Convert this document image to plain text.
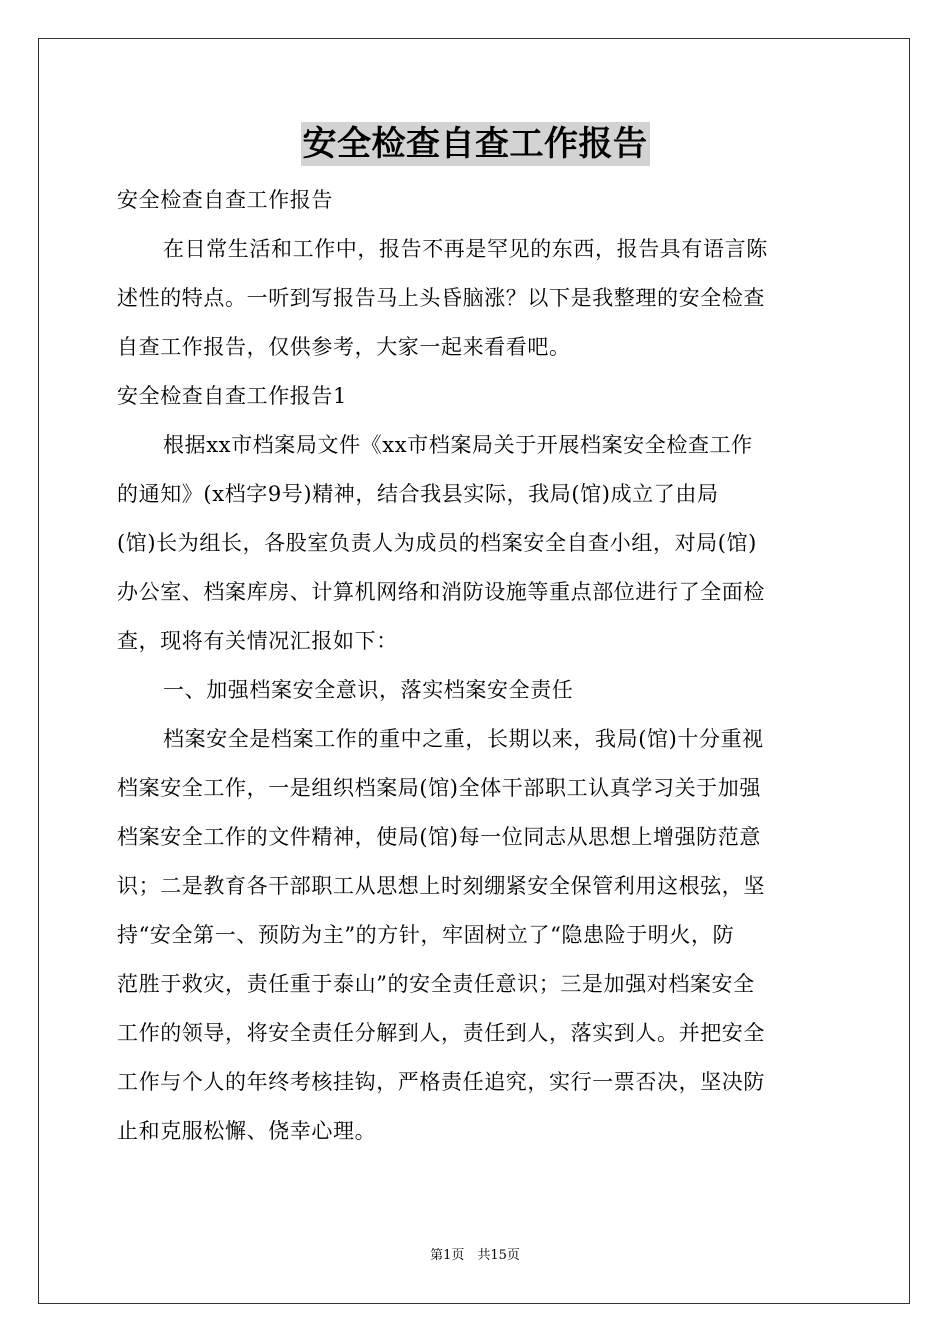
安全检查自查工作报告
安全检查自查工作报告
在日常生活和工作中，报告不再是罕见的东西，报告具有语言陈
述性的特点。一听到写报告马上头昏脑涨？以下是我整理的安全检查
自查工作报告，仅供参考，大家一起来看看吧。
安全检查自查工作报告1
根据xx市档案局文件《xx市档案局关于开展档案安全检查工作
的通知》(x档字9号)精神，结合我县实际，我局(馆)成立了由局
(馆)长为组长，各股室负责人为成员的档案安全自查小组，对局(馆)
办公室、档案库房、计算机网络和消防设施等重点部位进行了全面检
查，现将有关情况汇报如下：
一、加强档案安全意识，落实档案安全责任
档案安全是档案工作的重中之重，长期以来，我局(馆)十分重视
档案安全工作，一是组织档案局(馆)全体干部职工认真学习关于加强
档案安全工作的文件精神，使局(馆)每一位同志从思想上增强防范意
识；二是教育各干部职工从思想上时刻绷紧安全保管利用这根弦，坚
持“安全第一、预防为主”的方针，牢固树立了“隐患险于明火，防
范胜于救灾，责任重于泰山”的安全责任意识；三是加强对档案安全
工作的领导，将安全责任分解到人，责任到人，落实到人。并把安全
工作与个人的年终考核挂钩，严格责任追究，实行一票否决，坚决防
止和克服松懈、侥幸心理。
第1页　共15页
